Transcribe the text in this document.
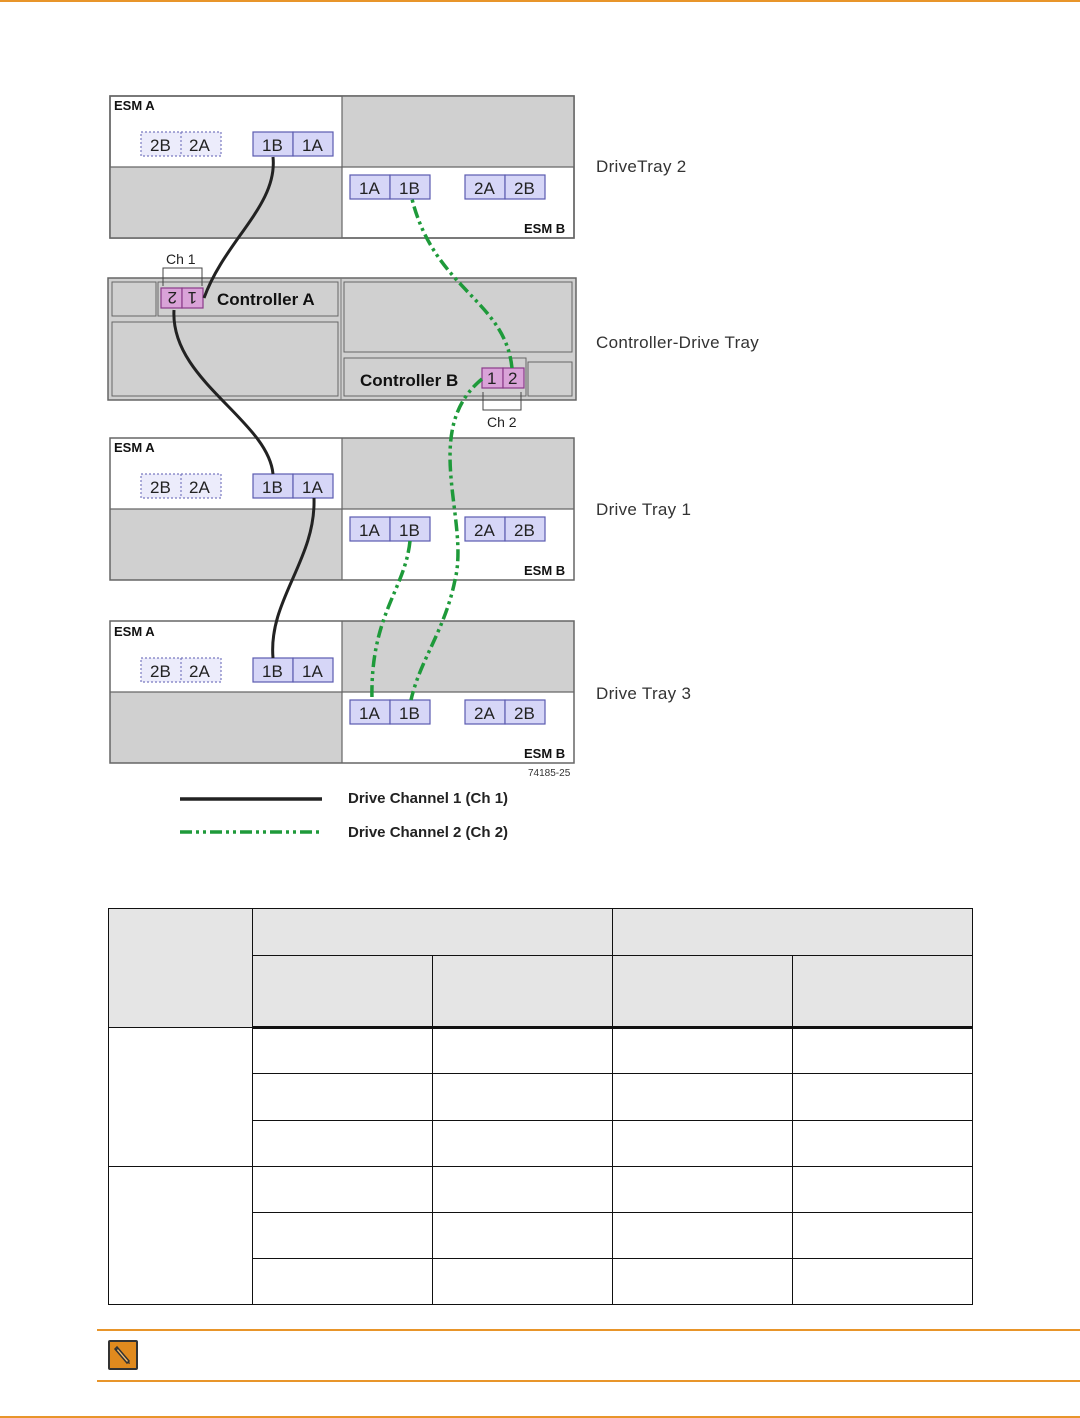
ESM A
ESM B
2B 2A	1B 1A
1A 1B	2A 2B
DriveTray 2
2 1 Controller A
Ch 1
Controller B 1 2
Ch 2
Controller-Drive Tray
ESM A
ESM B
2B 2A	1B 1A
1A 1B	2A 2B
Drive Tray 1
ESM A
ESM B
2B 2A	1B 1A
1A 1B	2A 2B
Drive Tray 3
74185-25
Drive Channel 1 (Ch 1)
Drive Channel 2 (Ch 2)
